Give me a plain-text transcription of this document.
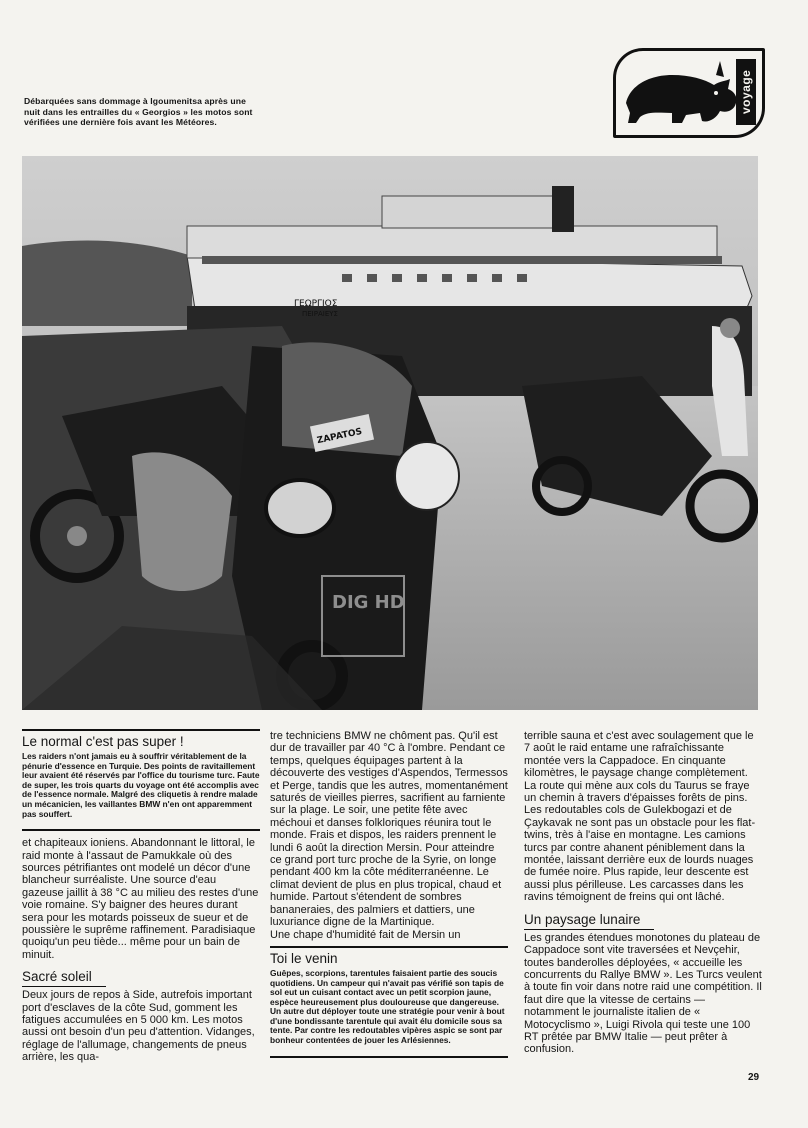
Débarquées sans dommage à Igoumenitsa après une nuit dans les entrailles du « Georgios » les motos sont vérifiées une dernière fois avant les Météores.
voyage
ΓΕΩΡΓΙΟΣ
ΠΕΙΡΑΙΕΥΣ
ZAPATOS
DIG HD
Le normal c'est pas super !

Les raiders n'ont jamais eu à souffrir véritablement de la pénurie d'essence en Turquie. Des points de ravitaillement leur avaient été réservés par l'office du tourisme turc. Faute de super, les trois quarts du voyage ont été accomplis avec de l'essence normale. Malgré des cliquetis à rendre malade un mécanicien, les vaillantes BMW n'en ont apparemment pas souffert.

et chapiteaux ioniens. Abandonnant le littoral, le raid monte à l'assaut de Pamukkale où des sources pétrifiantes ont modelé un décor d'une blancheur surréaliste. Une source d'eau gazeuse jaillit à 38 °C au milieu des restes d'une voie romaine. S'y baigner des heures durant sera pour les motards poisseux de sueur et de poussière le suprême raffinement. Paradisiaque quoiqu'un peu tiède... même pour un bain de minuit.

Sacré soleil

Deux jours de repos à Side, autrefois important port d'esclaves de la côte Sud, gomment les fatigues accumulées en 5 000 km. Les motos aussi ont besoin d'un peu d'attention. Vidanges, réglage de l'allumage, changements de pneus arrière, les qua-

tre techniciens BMW ne chôment pas. Qu'il est dur de travailler par 40 °C à l'ombre. Pendant ce temps, quelques équipages partent à la découverte des vestiges d'Aspendos, Termessos et Perge, tandis que les autres, momentanément saturés de vieilles pierres, sacrifient au farniente sur la plage. Le soir, une petite fête avec méchoui et danses folkloriques réunira tout le monde. Frais et dispos, les raiders prennent le lundi 6 août la direction Mersin. Pour atteindre ce grand port turc proche de la Syrie, on longe pendant 400 km la côte méditerranéenne. Le climat devient de plus en plus tropical, chaud et humide. Partout s'étendent de sombres bananeraies, des palmiers et dattiers, une luxuriance digne de la Martinique.

Une chape d'humidité fait de Mersin un

Toi le venin

Guêpes, scorpions, tarentules faisaient partie des soucis quotidiens. Un campeur qui n'avait pas vérifié son tapis de sol eut un cuisant contact avec un petit scorpion jaune, espèce heureusement plus douloureuse que dangereuse. Un autre dut déployer toute une stratégie pour venir à bout d'une bondissante tarentule qui avait élu domicile sous sa tente. Par contre les redoutables vipères aspic se sont par bonheur contentées de jouer les Arlésiennes.

terrible sauna et c'est avec soulagement que le 7 août le raid entame une rafraîchissante montée vers la Cappadoce. En cinquante kilomètres, le paysage change complètement. La route qui mène aux cols du Taurus se fraye un chemin à travers d'épaisses forêts de pins. Les redoutables cols de Gulekbogazi et de Çaykavak ne sont pas un obstacle pour les flat-twins, très à l'aise en montagne. Les camions turcs par contre ahanent péniblement dans la montée, laissant derrière eux de lourds nuages de fumée noire. Plus rapide, leur descente est aussi plus périlleuse. Les carcasses dans les ravins témoignent de freins qui ont lâché.

Un paysage lunaire

Les grandes étendues monotones du plateau de Cappadoce sont vite traversées et Nevçehir, toutes banderolles déployées, « accueille les concurrents du Rallye BMW ». Les Turcs veulent à toute fin voir dans notre raid une compétition. Il faut dire que la vitesse de certains — notamment le journaliste italien de « Motocyclismo », Luigi Rivola qui teste une 100 RT prêtée par BMW Italie — peut prêter à confusion.

29
